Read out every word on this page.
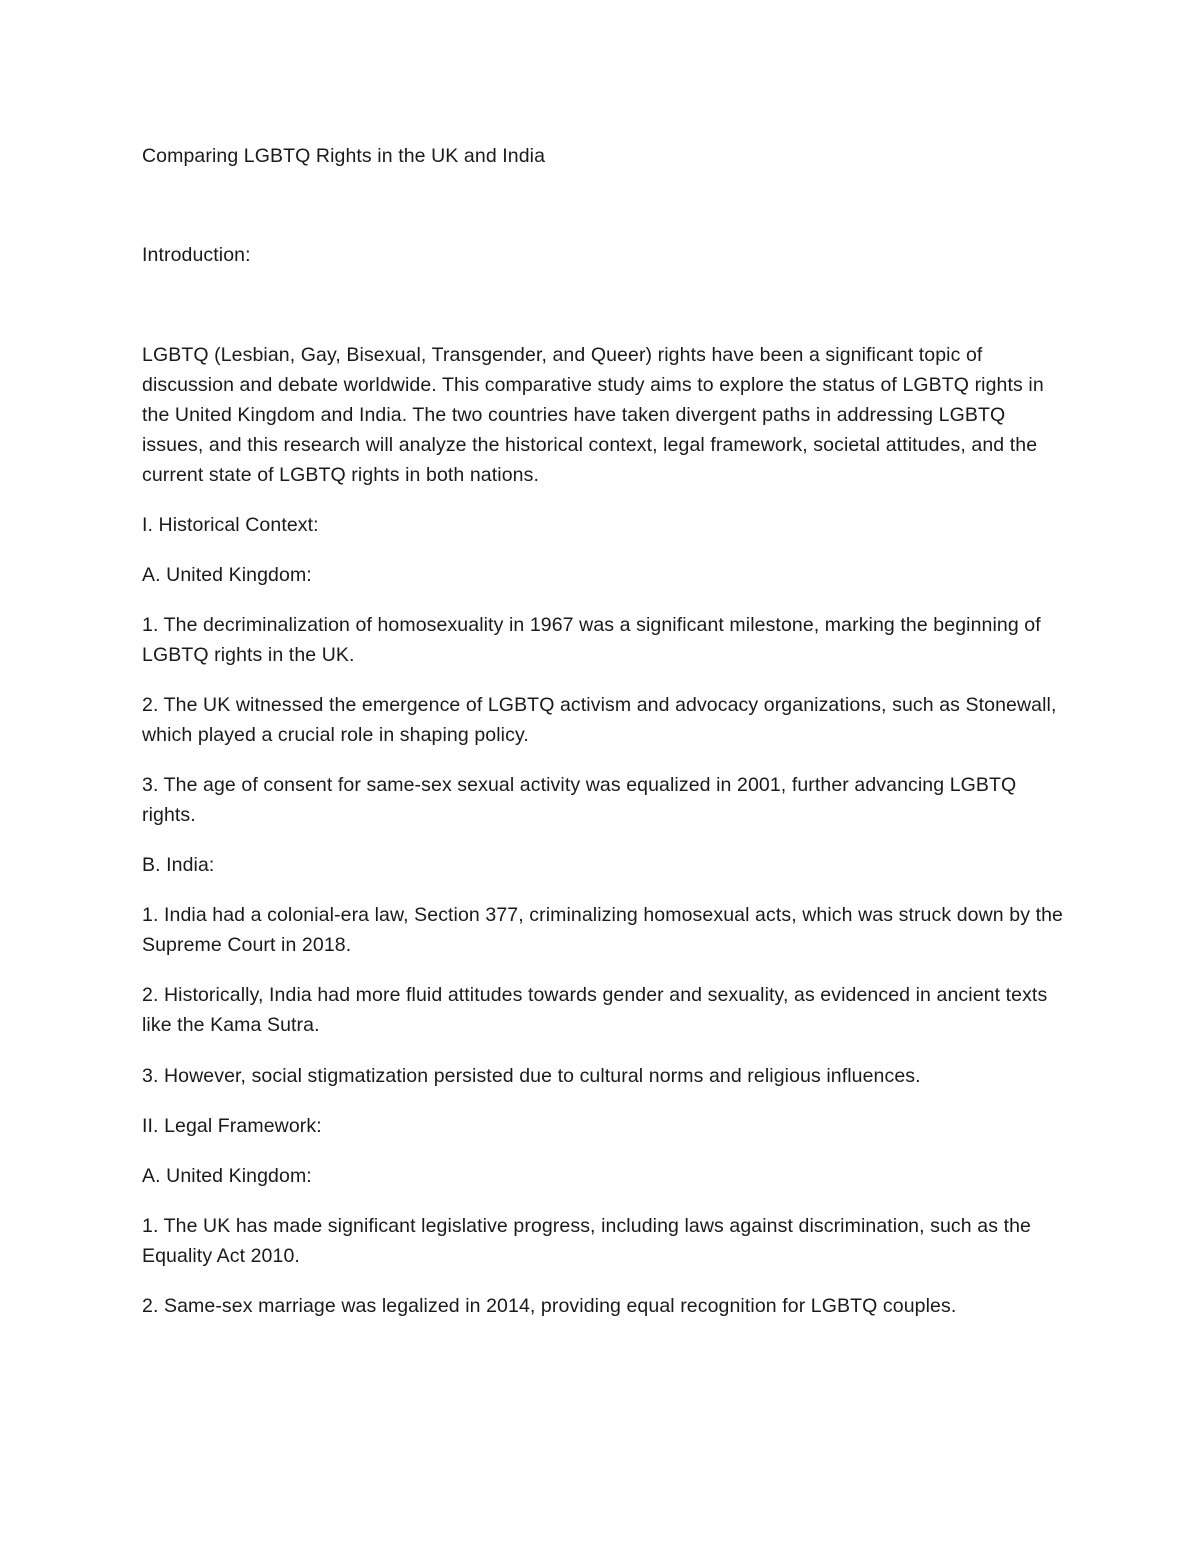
Comparing LGBTQ Rights in the UK and India

Introduction:

LGBTQ (Lesbian, Gay, Bisexual, Transgender, and Queer) rights have been a significant topic of discussion and debate worldwide. This comparative study aims to explore the status of LGBTQ rights in the United Kingdom and India. The two countries have taken divergent paths in addressing LGBTQ issues, and this research will analyze the historical context, legal framework, societal attitudes, and the current state of LGBTQ rights in both nations.

I. Historical Context:

A. United Kingdom:

1. The decriminalization of homosexuality in 1967 was a significant milestone, marking the beginning of LGBTQ rights in the UK.

2. The UK witnessed the emergence of LGBTQ activism and advocacy organizations, such as Stonewall, which played a crucial role in shaping policy.

3. The age of consent for same-sex sexual activity was equalized in 2001, further advancing LGBTQ rights.

B. India:

1. India had a colonial-era law, Section 377, criminalizing homosexual acts, which was struck down by the Supreme Court in 2018.

2. Historically, India had more fluid attitudes towards gender and sexuality, as evidenced in ancient texts like the Kama Sutra.

3. However, social stigmatization persisted due to cultural norms and religious influences.

II. Legal Framework:

A. United Kingdom:

1. The UK has made significant legislative progress, including laws against discrimination, such as the Equality Act 2010.

2. Same-sex marriage was legalized in 2014, providing equal recognition for LGBTQ couples.
